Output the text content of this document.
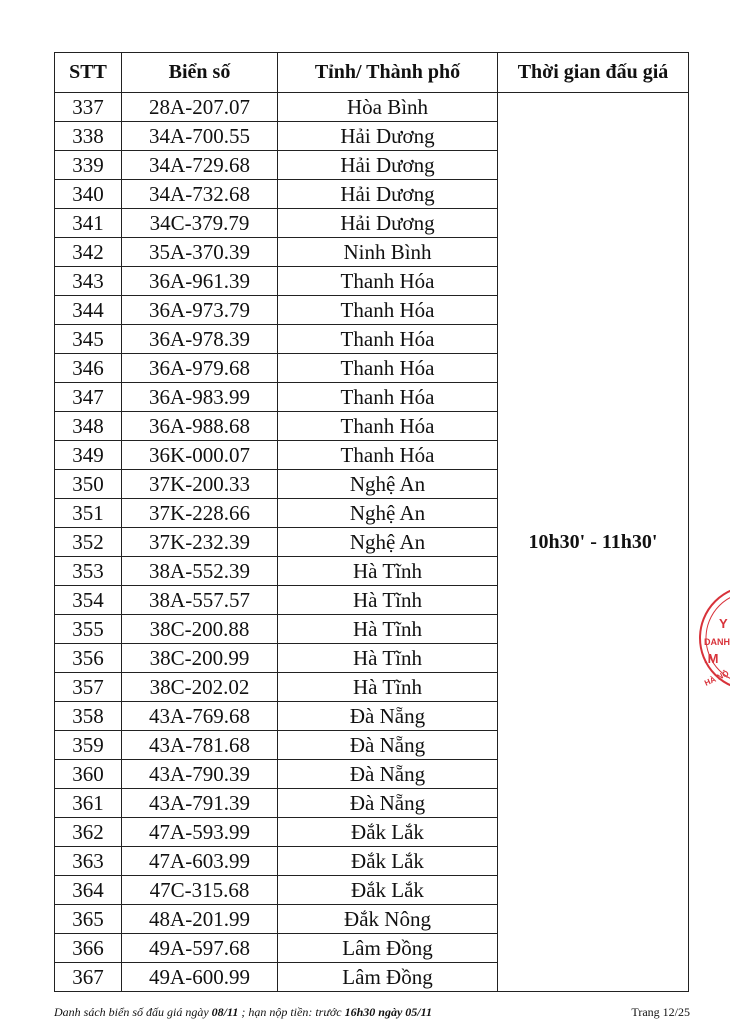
STT	Biển số	Tỉnh/ Thành phố	Thời gian đấu giá
337	28A-207.07	Hòa Bình	10h30' - 11h30'
338	34A-700.55	Hải Dương	
339	34A-729.68	Hải Dương	
340	34A-732.68	Hải Dương	
341	34C-379.79	Hải Dương	
342	35A-370.39	Ninh Bình	
343	36A-961.39	Thanh Hóa	
344	36A-973.79	Thanh Hóa	
345	36A-978.39	Thanh Hóa	
346	36A-979.68	Thanh Hóa	
347	36A-983.99	Thanh Hóa	
348	36A-988.68	Thanh Hóa	
349	36K-000.07	Thanh Hóa	
350	37K-200.33	Nghệ An	
351	37K-228.66	Nghệ An	
352	37K-232.39	Nghệ An	
353	38A-552.39	Hà Tĩnh	
354	38A-557.57	Hà Tĩnh	
355	38C-200.88	Hà Tĩnh	
356	38C-200.99	Hà Tĩnh	
357	38C-202.02	Hà Tĩnh	
358	43A-769.68	Đà Nẵng	
359	43A-781.68	Đà Nẵng	
360	43A-790.39	Đà Nẵng	
361	43A-791.39	Đà Nẵng	
362	47A-593.99	Đắk Lắk	
363	47A-603.99	Đắk Lắk	
364	47C-315.68	Đắk Lắk	
365	48A-201.99	Đắk Nông	
366	49A-597.68	Lâm Đồng	
367	49A-600.99	Lâm Đồng	
Danh sách biển số đấu giá ngày 08/11 ; hạn nộp tiền: trước 16h30 ngày 05/11	Trang 12/25
Y
DANH
.M
HÀ NỘ
